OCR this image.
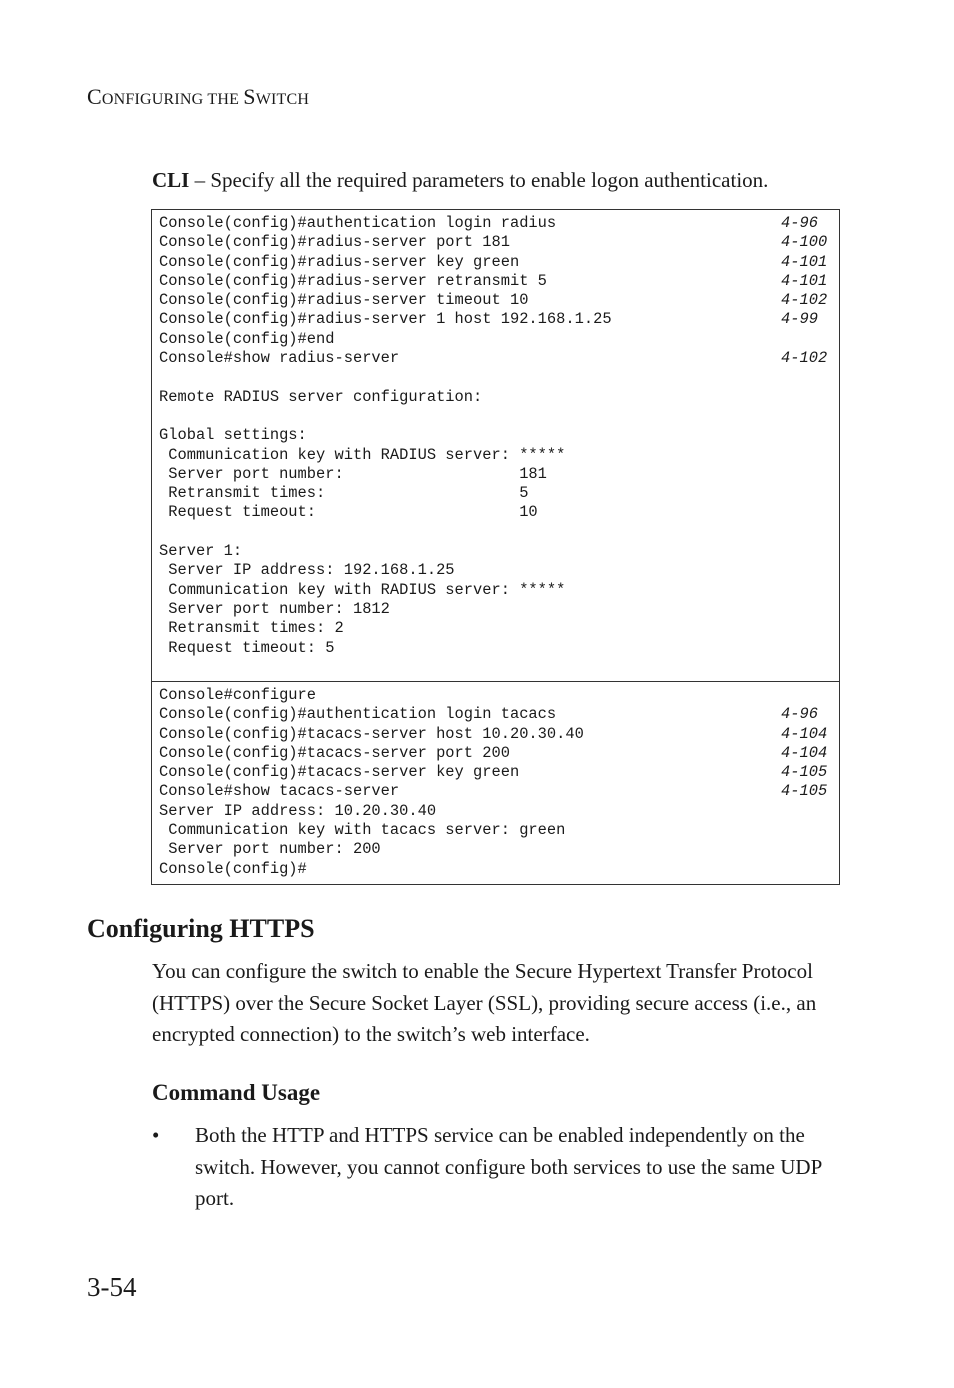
CONFIGURING THE SWITCH
CLI – Specify all the required parameters to enable logon authentication.
Console(config)#authentication login radius	4-96
Console(config)#radius-server port 181	4-100
Console(config)#radius-server key green	4-101
Console(config)#radius-server retransmit 5	4-101
Console(config)#radius-server timeout 10	4-102
Console(config)#radius-server 1 host 192.168.1.25	4-99
Console(config)#end
Console#show radius-server	4-102
Remote RADIUS server configuration:
Global settings:
Communication key with RADIUS server: *****
Server port number:                   181
Retransmit times:                     5
Request timeout:                      10
Server 1:
Server IP address: 192.168.1.25
Communication key with RADIUS server: *****
Server port number: 1812
Retransmit times: 2
Request timeout: 5
Console#configure
Console(config)#authentication login tacacs	4-96
Console(config)#tacacs-server host 10.20.30.40	4-104
Console(config)#tacacs-server port 200	4-104
Console(config)#tacacs-server key green	4-105
Console#show tacacs-server	4-105
Server IP address: 10.20.30.40
Communication key with tacacs server: green
Server port number: 200
Console(config)#
Configuring HTTPS

You can configure the switch to enable the Secure Hypertext Transfer Protocol (HTTPS) over the Secure Socket Layer (SSL), providing secure access (i.e., an encrypted connection) to the switch’s web interface.

Command Usage
• Both the HTTP and HTTPS service can be enabled independently on the switch. However, you cannot configure both services to use the same UDP port.

3-54
